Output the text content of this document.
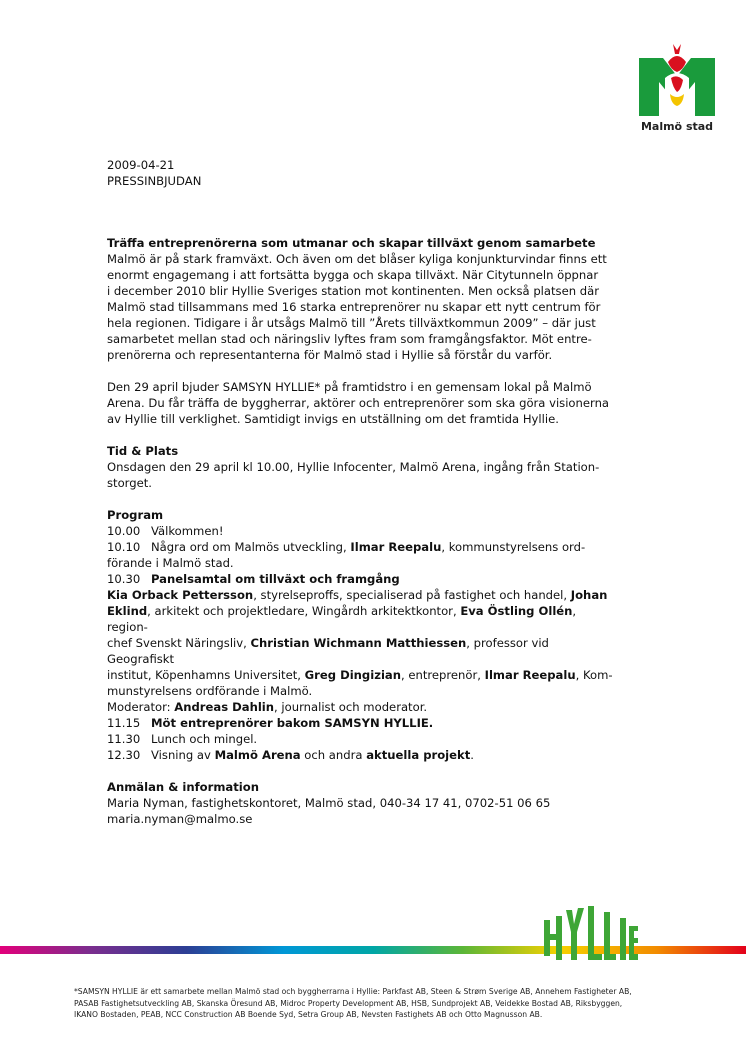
Malmö stad

2009-04-21

PRESSINBJUDAN

Träffa entreprenörerna som utmanar och skapar tillväxt genom samarbete

Malmö är på stark framväxt. Och även om det blåser kyliga konjunkturvindar finns ett

enormt engagemang i att fortsätta bygga och skapa tillväxt. När Citytunneln öppnar

i december 2010 blir Hyllie Sveriges station mot kontinenten. Men också platsen där

Malmö stad tillsammans med 16 starka entreprenörer nu skapar ett nytt centrum för

hela regionen. Tidigare i år utsågs Malmö till ”Årets tillväxtkommun 2009” – där just

samarbetet mellan stad och näringsliv lyftes fram som framgångsfaktor. Möt entre-

prenörerna och representanterna för Malmö stad i Hyllie så förstår du varför.

Den 29 april bjuder SAMSYN HYLLIE* på framtidstro i en gemensam lokal på Malmö

Arena. Du får träffa de byggherrar, aktörer och entreprenörer som ska göra visionerna

av Hyllie till verklighet. Samtidigt invigs en utställning om det framtida Hyllie.

Tid & Plats

Onsdagen den 29 april kl 10.00, Hyllie Infocenter, Malmö Arena, ingång från Station-

storget.

Program

10.00 Välkommen!

10.10 Några ord om Malmös utveckling, Ilmar Reepalu, kommunstyrelsens ord-

förande i Malmö stad.

10.30 Panelsamtal om tillväxt och framgång

Kia Orback Pettersson, styrelseproffs, specialiserad på fastighet och handel, Johan

Eklind, arkitekt och projektledare, Wingårdh arkitektkontor, Eva Östling Ollén, region-

chef Svenskt Näringsliv, Christian Wichmann Matthiessen, professor vid Geografiskt

institut, Köpenhamns Universitet, Greg Dingizian, entreprenör, Ilmar Reepalu, Kom-

munstyrelsens ordförande i Malmö.

Moderator: Andreas Dahlin, journalist och moderator.

11.15 Möt entreprenörer bakom SAMSYN HYLLIE.

11.30 Lunch och mingel.

12.30 Visning av Malmö Arena och andra aktuella projekt.

Anmälan & information

Maria Nyman, fastighetskontoret, Malmö stad, 040-34 17 41, 0702-51 06 65

maria.nyman@malmo.se

*SAMSYN HYLLIE är ett samarbete mellan Malmö stad och byggherrarna i Hyllie: Parkfast AB, Steen & Strøm Sverige AB, Annehem Fastigheter AB,
PASAB Fastighetsutveckling AB, Skanska Öresund AB, Midroc Property Development AB, HSB, Sundprojekt AB, Veidekke Bostad AB, Riksbyggen,
IKANO Bostaden, PEAB, NCC Construction AB Boende Syd, Setra Group AB, Nevsten Fastighets AB och Otto Magnusson AB.
